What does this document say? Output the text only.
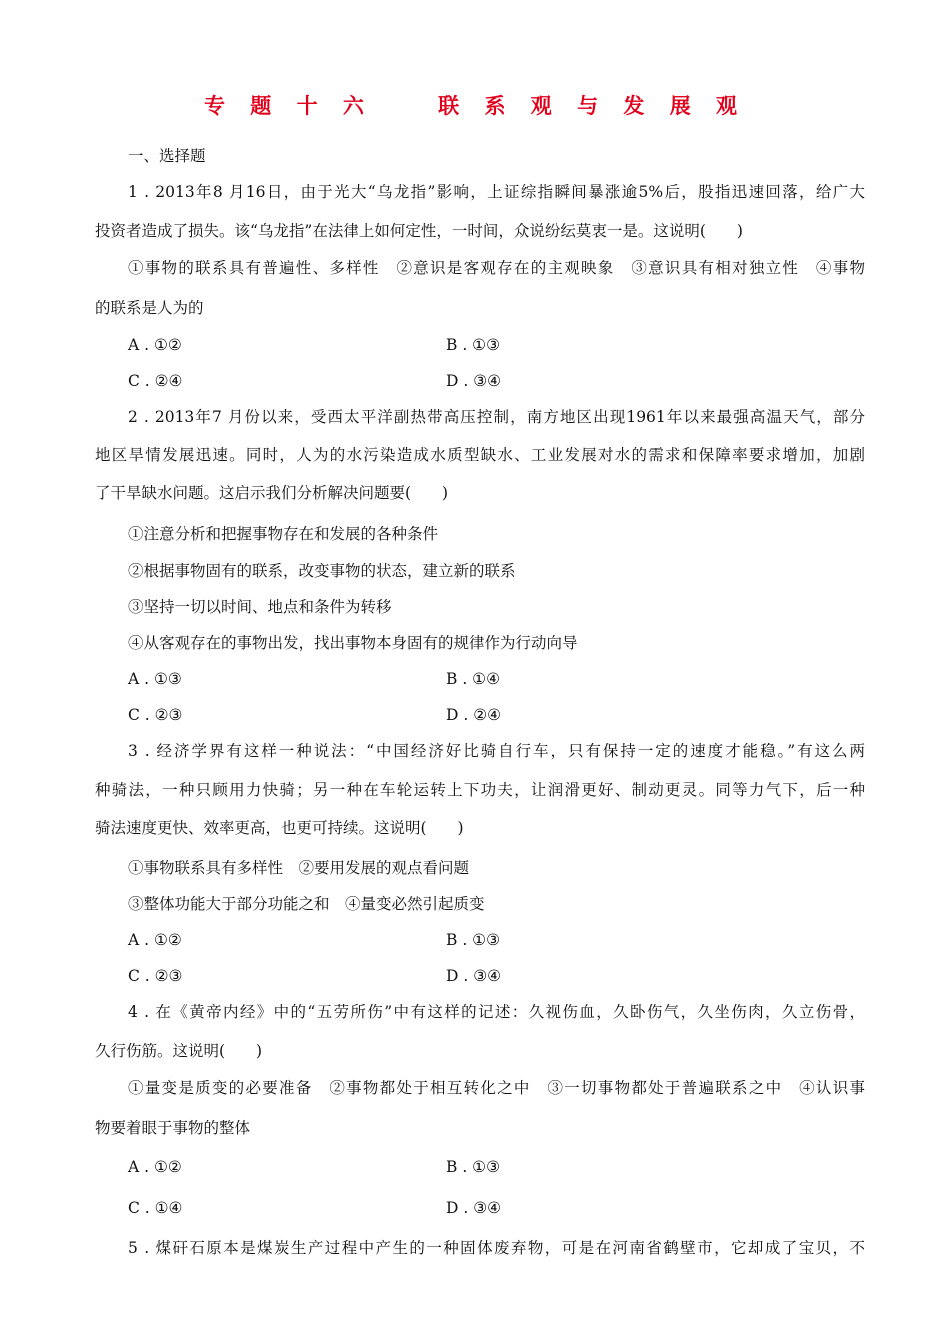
专 题 十 六    联 系 观 与 发 展 观
一、选择题
1 . 2013年8 月16日，由于光大“乌龙指”影响，上证综指瞬间暴涨逾5%后，股指迅速回落，给广大
投资者造成了损失。该“乌龙指”在法律上如何定性，一时间，众说纷纭莫衷一是。这说明(　　)
①事物的联系具有普遍性、多样性　②意识是客观存在的主观映象　③意识具有相对独立性　④事物
的联系是人为的
A . ①②	B . ①③
C . ②④	D . ③④
2 . 2013年7 月份以来，受西太平洋副热带高压控制，南方地区出现1961年以来最强高温天气，部分
地区旱情发展迅速。同时，人为的水污染造成水质型缺水、工业发展对水的需求和保障率要求增加，加剧
了干旱缺水问题。这启示我们分析解决问题要(　　)
①注意分析和把握事物存在和发展的各种条件
②根据事物固有的联系，改变事物的状态，建立新的联系
③坚持一切以时间、地点和条件为转移
④从客观存在的事物出发，找出事物本身固有的规律作为行动向导
A . ①③	B . ①④
C . ②③	D . ②④
3 . 经济学界有这样一种说法：“中国经济好比骑自行车，只有保持一定的速度才能稳。”有这么两
种骑法，一种只顾用力快骑；另一种在车轮运转上下功夫，让润滑更好、制动更灵。同等力气下，后一种
骑法速度更快、效率更高，也更可持续。这说明(　　)
①事物联系具有多样性　②要用发展的观点看问题
③整体功能大于部分功能之和　④量变必然引起质变
A . ①②	B . ①③
C . ②③	D . ③④
4 . 在《黄帝内经》中的“五劳所伤”中有这样的记述：久视伤血，久卧伤气，久坐伤肉，久立伤骨，
久行伤筋。这说明(　　)
①量变是质变的必要准备　②事物都处于相互转化之中　③一切事物都处于普遍联系之中　④认识事
物要着眼于事物的整体
A . ①②	B . ①③
C . ①④	D . ③④
5 . 煤矸石原本是煤炭生产过程中产生的一种固体废弃物，可是在河南省鹤壁市，它却成了宝贝，不
